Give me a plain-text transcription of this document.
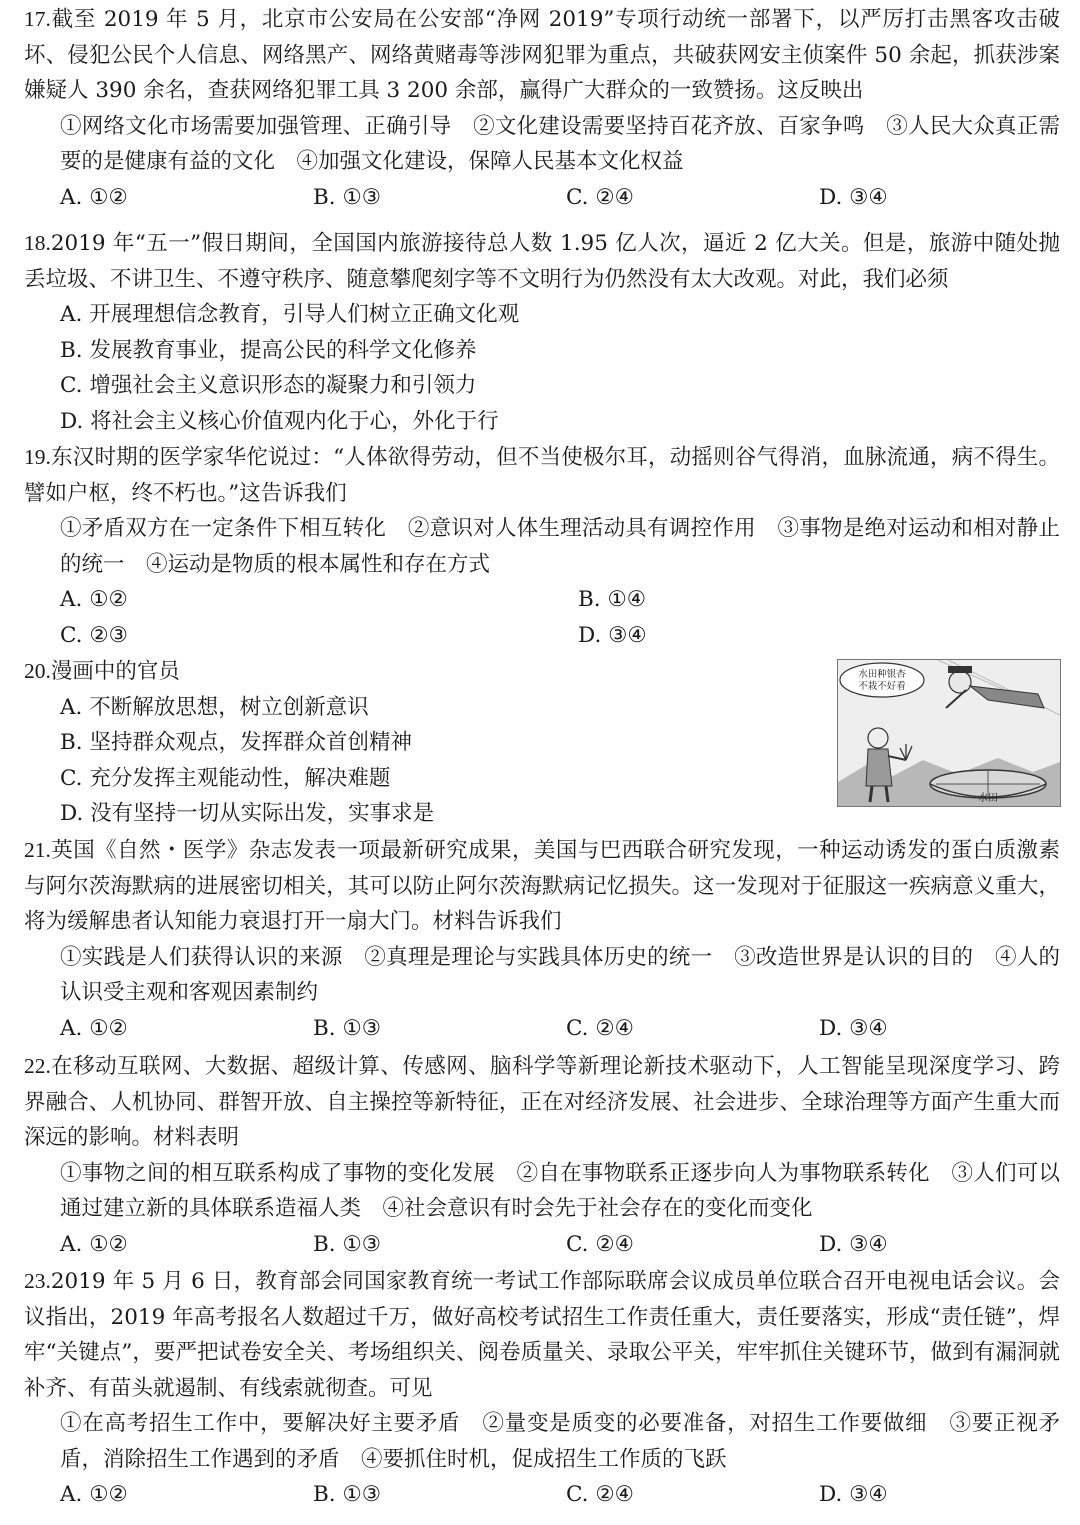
17.截至 2019 年 5 月，北京市公安局在公安部“净网 2019”专项行动统一部署下，以严厉打击黑客攻击破坏、侵犯公民个人信息、网络黑产、网络黄赌毒等涉网犯罪为重点，共破获网安主侦案件 50 余起，抓获涉案嫌疑人 390 余名，查获网络犯罪工具 3 200 余部，赢得广大群众的一致赞扬。这反映出
①网络文化市场需要加强管理、正确引导　②文化建设需要坚持百花齐放、百家争鸣　③人民大众真正需要的是健康有益的文化　④加强文化建设，保障人民基本文化权益
A. ①②	B. ①③	C. ②④	D. ③④
18.2019 年“五一”假日期间，全国国内旅游接待总人数 1.95 亿人次，逼近 2 亿大关。但是，旅游中随处抛丢垃圾、不讲卫生、不遵守秩序、随意攀爬刻字等不文明行为仍然没有太大改观。对此，我们必须
A. 开展理想信念教育，引导人们树立正确文化观
B. 发展教育事业，提高公民的科学文化修养
C. 增强社会主义意识形态的凝聚力和引领力
D. 将社会主义核心价值观内化于心，外化于行
19.东汉时期的医学家华佗说过：“人体欲得劳动，但不当使极尔耳，动摇则谷气得消，血脉流通，病不得生。譬如户枢，终不朽也。”这告诉我们
①矛盾双方在一定条件下相互转化　②意识对人体生理活动具有调控作用　③事物是绝对运动和相对静止的统一　④运动是物质的根本属性和存在方式
A. ①②	B. ①④
C. ②③	D. ③④
20.漫画中的官员
A. 不断解放思想，树立创新意识
B. 坚持群众观点，发挥群众首创精神
C. 充分发挥主观能动性，解决难题
D. 没有坚持一切从实际出发，实事求是
水田种银杏
不栽不好看
水田
21.英国《自然・医学》杂志发表一项最新研究成果，美国与巴西联合研究发现，一种运动诱发的蛋白质激素与阿尔茨海默病的进展密切相关，其可以防止阿尔茨海默病记忆损失。这一发现对于征服这一疾病意义重大，将为缓解患者认知能力衰退打开一扇大门。材料告诉我们
①实践是人们获得认识的来源　②真理是理论与实践具体历史的统一　③改造世界是认识的目的　④人的认识受主观和客观因素制约
A. ①②	B. ①③	C. ②④	D. ③④
22.在移动互联网、大数据、超级计算、传感网、脑科学等新理论新技术驱动下，人工智能呈现深度学习、跨界融合、人机协同、群智开放、自主操控等新特征，正在对经济发展、社会进步、全球治理等方面产生重大而深远的影响。材料表明
①事物之间的相互联系构成了事物的变化发展　②自在事物联系正逐步向人为事物联系转化　③人们可以通过建立新的具体联系造福人类　④社会意识有时会先于社会存在的变化而变化
A. ①②	B. ①③	C. ②④	D. ③④
23.2019 年 5 月 6 日，教育部会同国家教育统一考试工作部际联席会议成员单位联合召开电视电话会议。会议指出，2019 年高考报名人数超过千万，做好高校考试招生工作责任重大，责任要落实，形成“责任链”，焊牢“关键点”，要严把试卷安全关、考场组织关、阅卷质量关、录取公平关，牢牢抓住关键环节，做到有漏洞就补齐、有苗头就遏制、有线索就彻查。可见
①在高考招生工作中，要解决好主要矛盾　②量变是质变的必要准备，对招生工作要做细　③要正视矛盾，消除招生工作遇到的矛盾　④要抓住时机，促成招生工作质的飞跃
A. ①②	B. ①③	C. ②④	D. ③④
